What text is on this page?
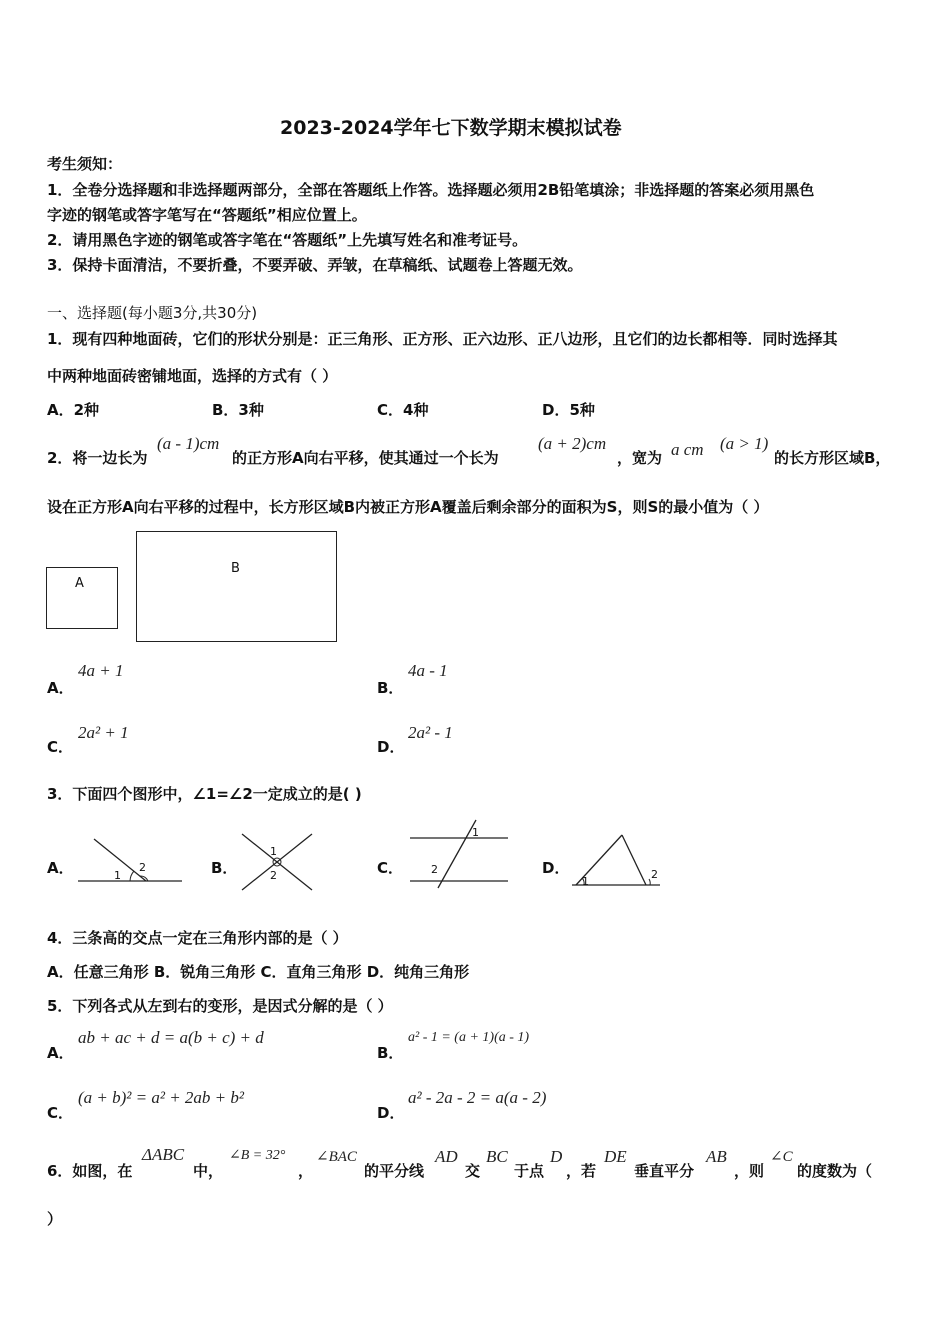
2023-2024学年七下数学期末模拟试卷
考生须知：
1．全卷分选择题和非选择题两部分，全部在答题纸上作答。选择题必须用2B铅笔填涂；非选择题的答案必须用黑色
字迹的钢笔或答字笔写在“答题纸”相应位置上。
2．请用黑色字迹的钢笔或答字笔在“答题纸”上先填写姓名和准考证号。
3．保持卡面清洁，不要折叠，不要弄破、弄皱，在草稿纸、试题卷上答题无效。
一、选择题(每小题3分,共30分)
1．现有四种地面砖，它们的形状分别是：正三角形、正方形、正六边形、正八边形，且它们的边长都相等．同时选择其
中两种地面砖密铺地面，选择的方式有（ ）
A．2种	B．3种	C．4种	D．5种
2．将一边长为
(a - 1)cm
的正方形A向右平移，使其通过一个长为
(a + 2)cm
，宽为 a cm (a > 1)
的长方形区域B，
设在正方形A向右平移的过程中，长方形区域B内被正方形A覆盖后剩余部分的面积为S，则S的最小值为（ ）
A
B
A．
4a + 1
B．
4a - 1
C．
2a² + 1
D．
2a² - 1
3．下面四个图形中，∠1=∠2一定成立的是( )
A．	1
2	B．
1
2	C．
1
2	D．
1
2
4．三条高的交点一定在三角形内部的是（ ）
A．任意三角形 B．锐角三角形 C．直角三角形 D．纯角三角形
5．下列各式从左到右的变形，是因式分解的是（ ）
A．
ab + ac + d = a(b + c) + d
B．
a² - 1 = (a + 1)(a - 1)
C．
(a + b)² = a² + 2ab + b²
D．
a² - 2a - 2 = a(a - 2)
6．如图，在
ΔABC
中，
∠B = 32°
，
∠BAC
的平分线
AD
交
BC
于点
D
，若
DE
垂直平分
AB
，则
∠C
的度数为（
）
